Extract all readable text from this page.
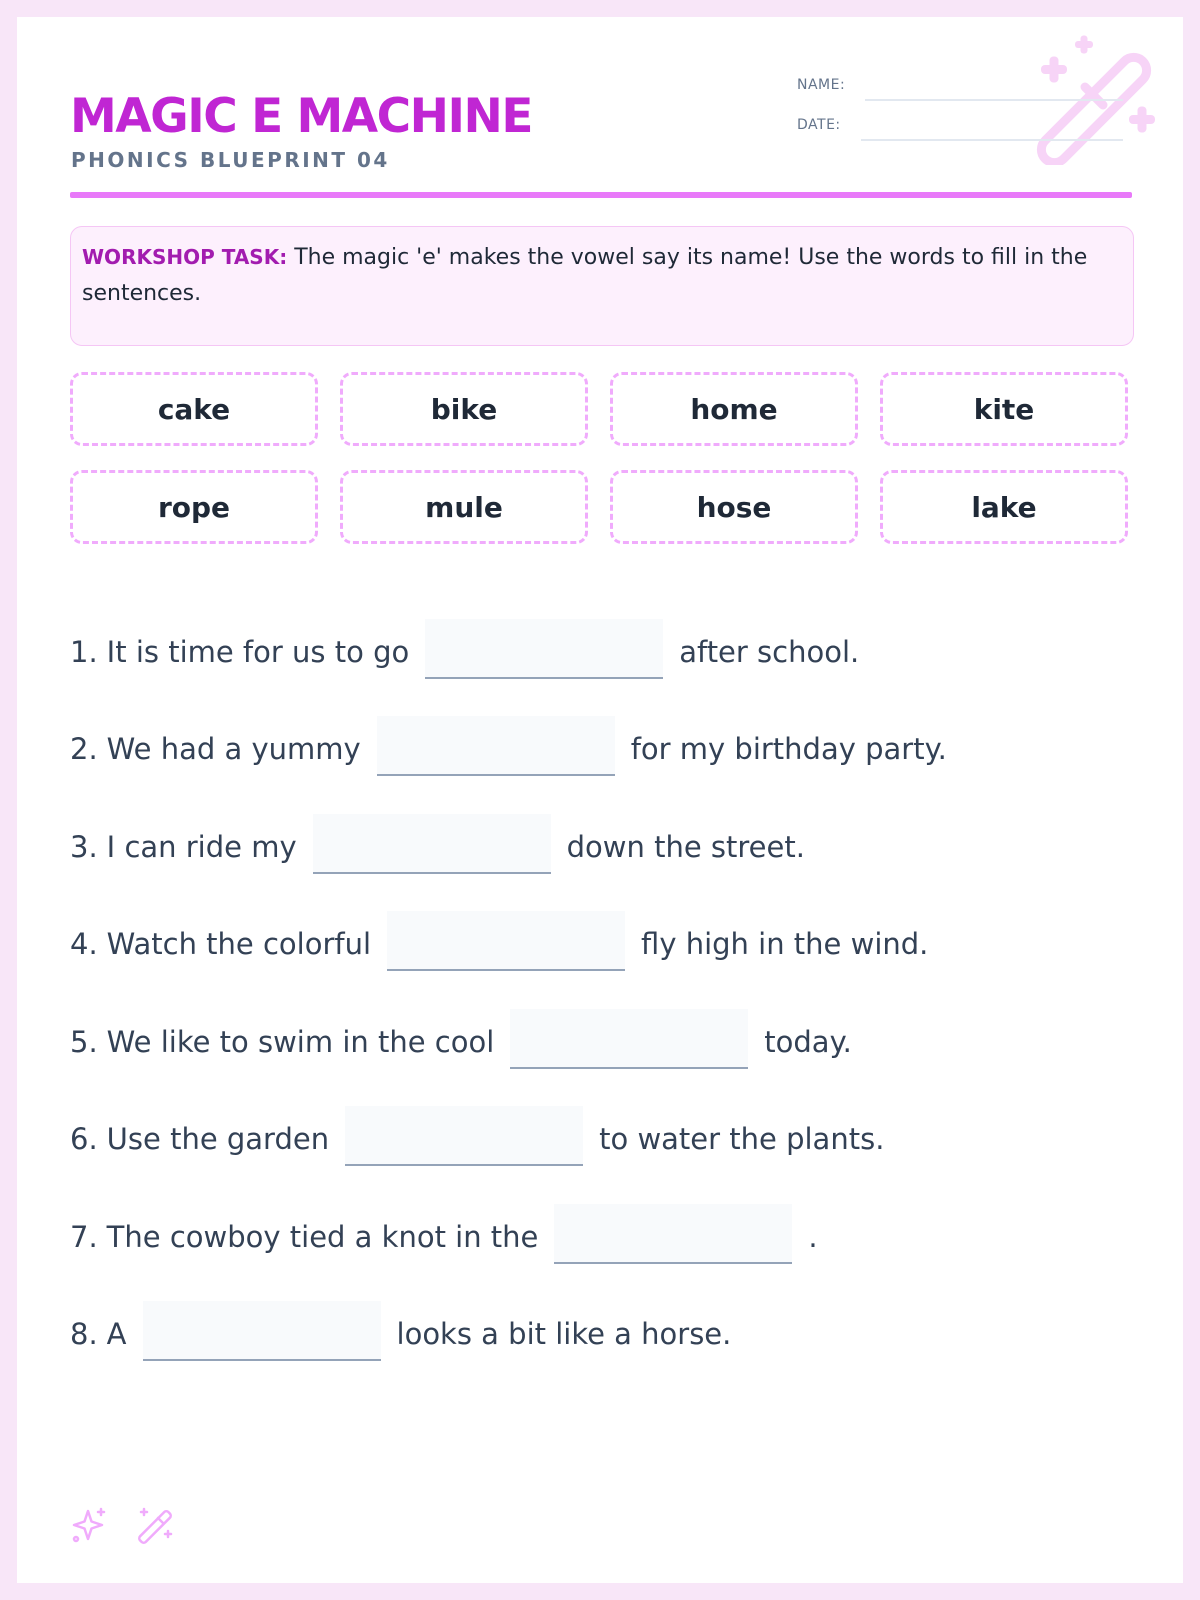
MAGIC E MACHINE
PHONICS BLUEPRINT 04
NAME:
DATE:
WORKSHOP TASK: The magic 'e' makes the vowel say its name! Use the words to fill in the sentences.
cake	bike	home	kite
rope	mule	hose	lake
1. It is time for us to go	after school.
2. We had a yummy	for my birthday party.
3. I can ride my	down the street.
4. Watch the colorful	fly high in the wind.
5. We like to swim in the cool	today.
6. Use the garden	to water the plants.
7. The cowboy tied a knot in the	.
8. A	looks a bit like a horse.
